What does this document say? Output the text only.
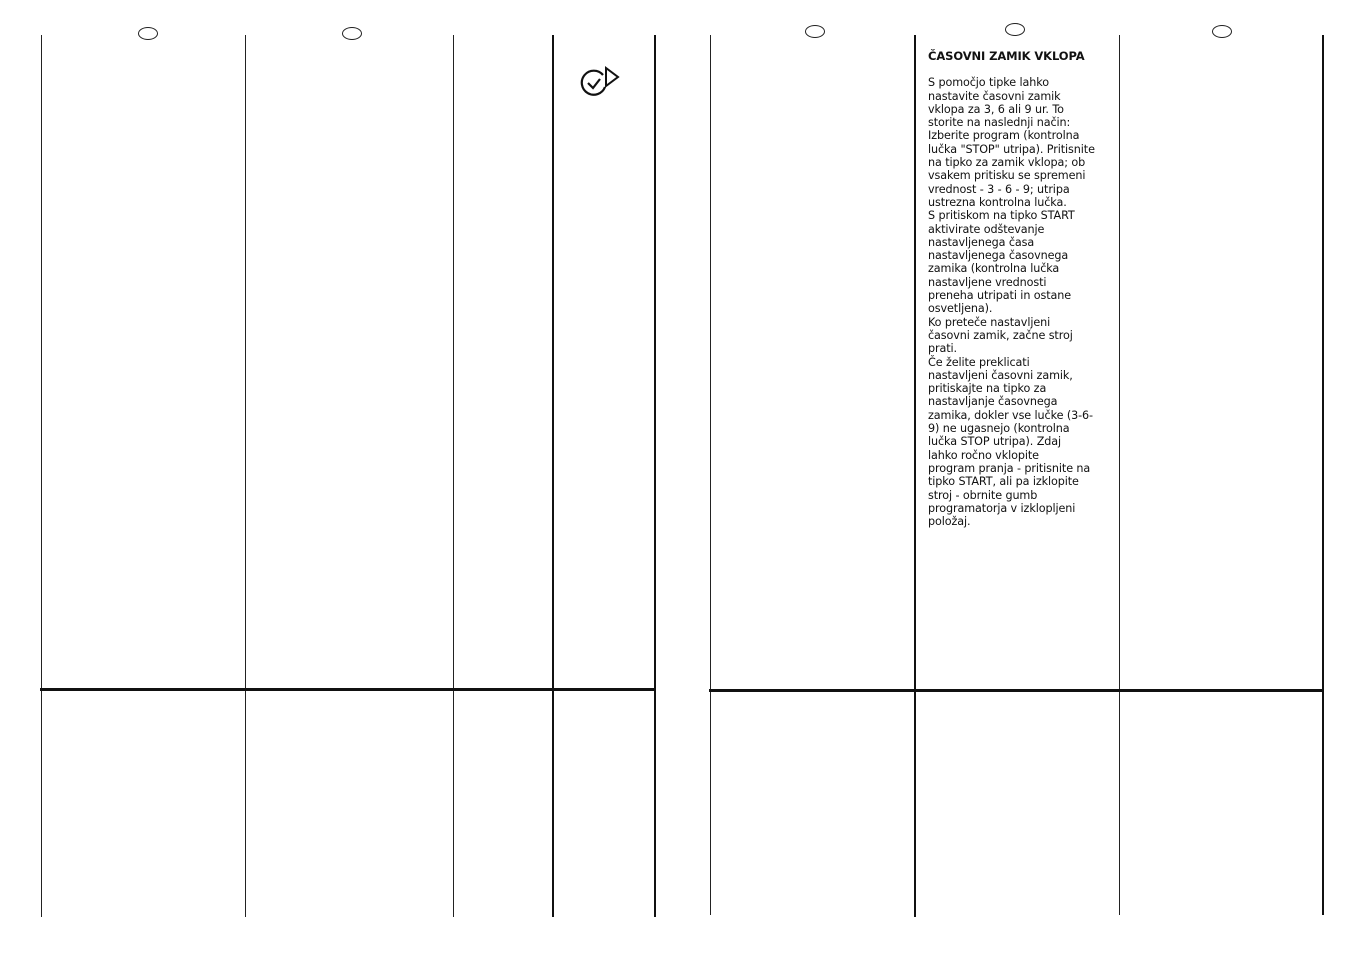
ČASOVNI ZAMIK VKLOPA
S pomočjo tipke lahko
nastavite časovni zamik
vklopa za 3, 6 ali 9 ur. To
storite na naslednji način:
Izberite program (kontrolna
lučka "STOP" utripa). Pritisnite
na tipko za zamik vklopa; ob
vsakem pritisku se spremeni
vrednost - 3 - 6 - 9; utripa
ustrezna kontrolna lučka.
S pritiskom na tipko START
aktivirate odštevanje
nastavljenega časa
nastavljenega časovnega
zamika (kontrolna lučka
nastavljene vrednosti
preneha utripati in ostane
osvetljena).
Ko preteče nastavljeni
časovni zamik, začne stroj
prati.
Če želite preklicati
nastavljeni časovni zamik,
pritiskajte na tipko za
nastavljanje časovnega
zamika, dokler vse lučke (3-6-
9) ne ugasnejo (kontrolna
lučka STOP utripa). Zdaj
lahko ročno vklopite
program pranja - pritisnite na
tipko START, ali pa izklopite
stroj - obrnite gumb
programatorja v izklopljeni
položaj.
